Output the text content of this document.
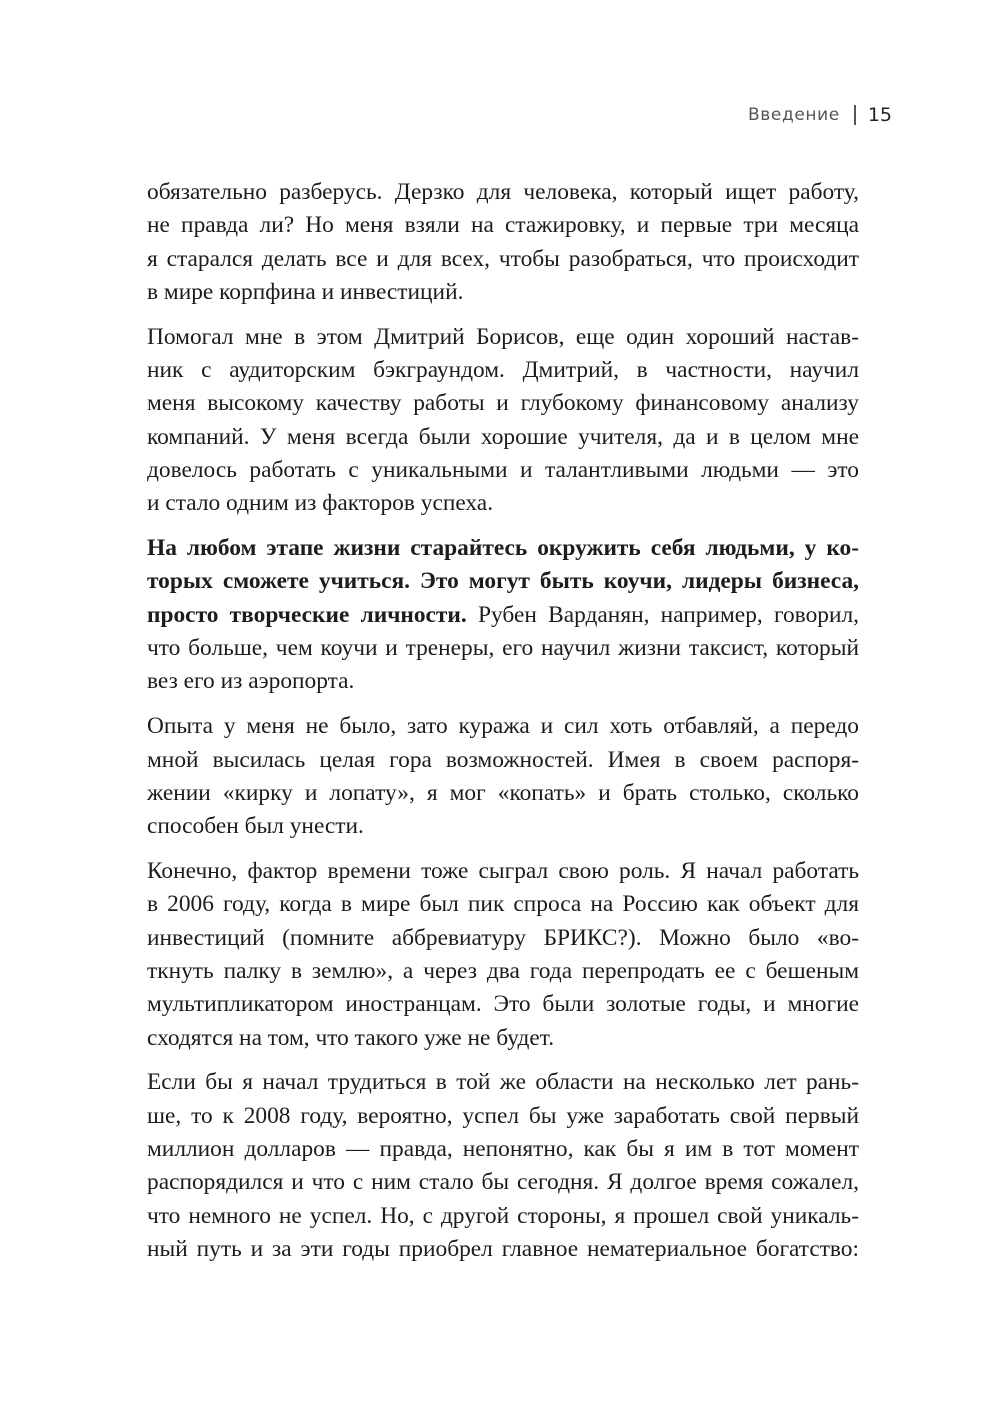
Введение 15
обязательно разберусь. Дерзко для человека, который ищет работу,
не правда ли? Но меня взяли на стажировку, и первые три месяца
я старался делать все и для всех, чтобы разобраться, что происходит
в мире корпфина и инвестиций.
Помогал мне в этом Дмитрий Борисов, еще один хороший настав-
ник с аудиторским бэкграундом. Дмитрий, в частности, научил
меня высокому качеству работы и глубокому финансовому анализу
компаний. У меня всегда были хорошие учителя, да и в целом мне
довелось работать с уникальными и талантливыми людьми — это
и стало одним из факторов успеха.
На любом этапе жизни старайтесь окружить себя людьми, у ко-
торых сможете учиться. Это могут быть коучи, лидеры бизнеса,
просто творческие личности. Рубен Варданян, например, говорил,
что больше, чем коучи и тренеры, его научил жизни таксист, который
вез его из аэропорта.
Опыта у меня не было, зато куража и сил хоть отбавляй, а передо
мной высилась целая гора возможностей. Имея в своем распоря-
жении «кирку и лопату», я мог «копать» и брать столько, сколько
способен был унести.
Конечно, фактор времени тоже сыграл свою роль. Я начал работать
в 2006 году, когда в мире был пик спроса на Россию как объект для
инвестиций (помните аббревиатуру БРИКС?). Можно было «во-
ткнуть палку в землю», а через два года перепродать ее с бешеным
мультипликатором иностранцам. Это были золотые годы, и многие
сходятся на том, что такого уже не будет.
Если бы я начал трудиться в той же области на несколько лет рань-
ше, то к 2008 году, вероятно, успел бы уже заработать свой первый
миллион долларов — правда, непонятно, как бы я им в тот момент
распорядился и что с ним стало бы сегодня. Я долгое время сожалел,
что немного не успел. Но, с другой стороны, я прошел свой уникаль-
ный путь и за эти годы приобрел главное нематериальное богатство:
